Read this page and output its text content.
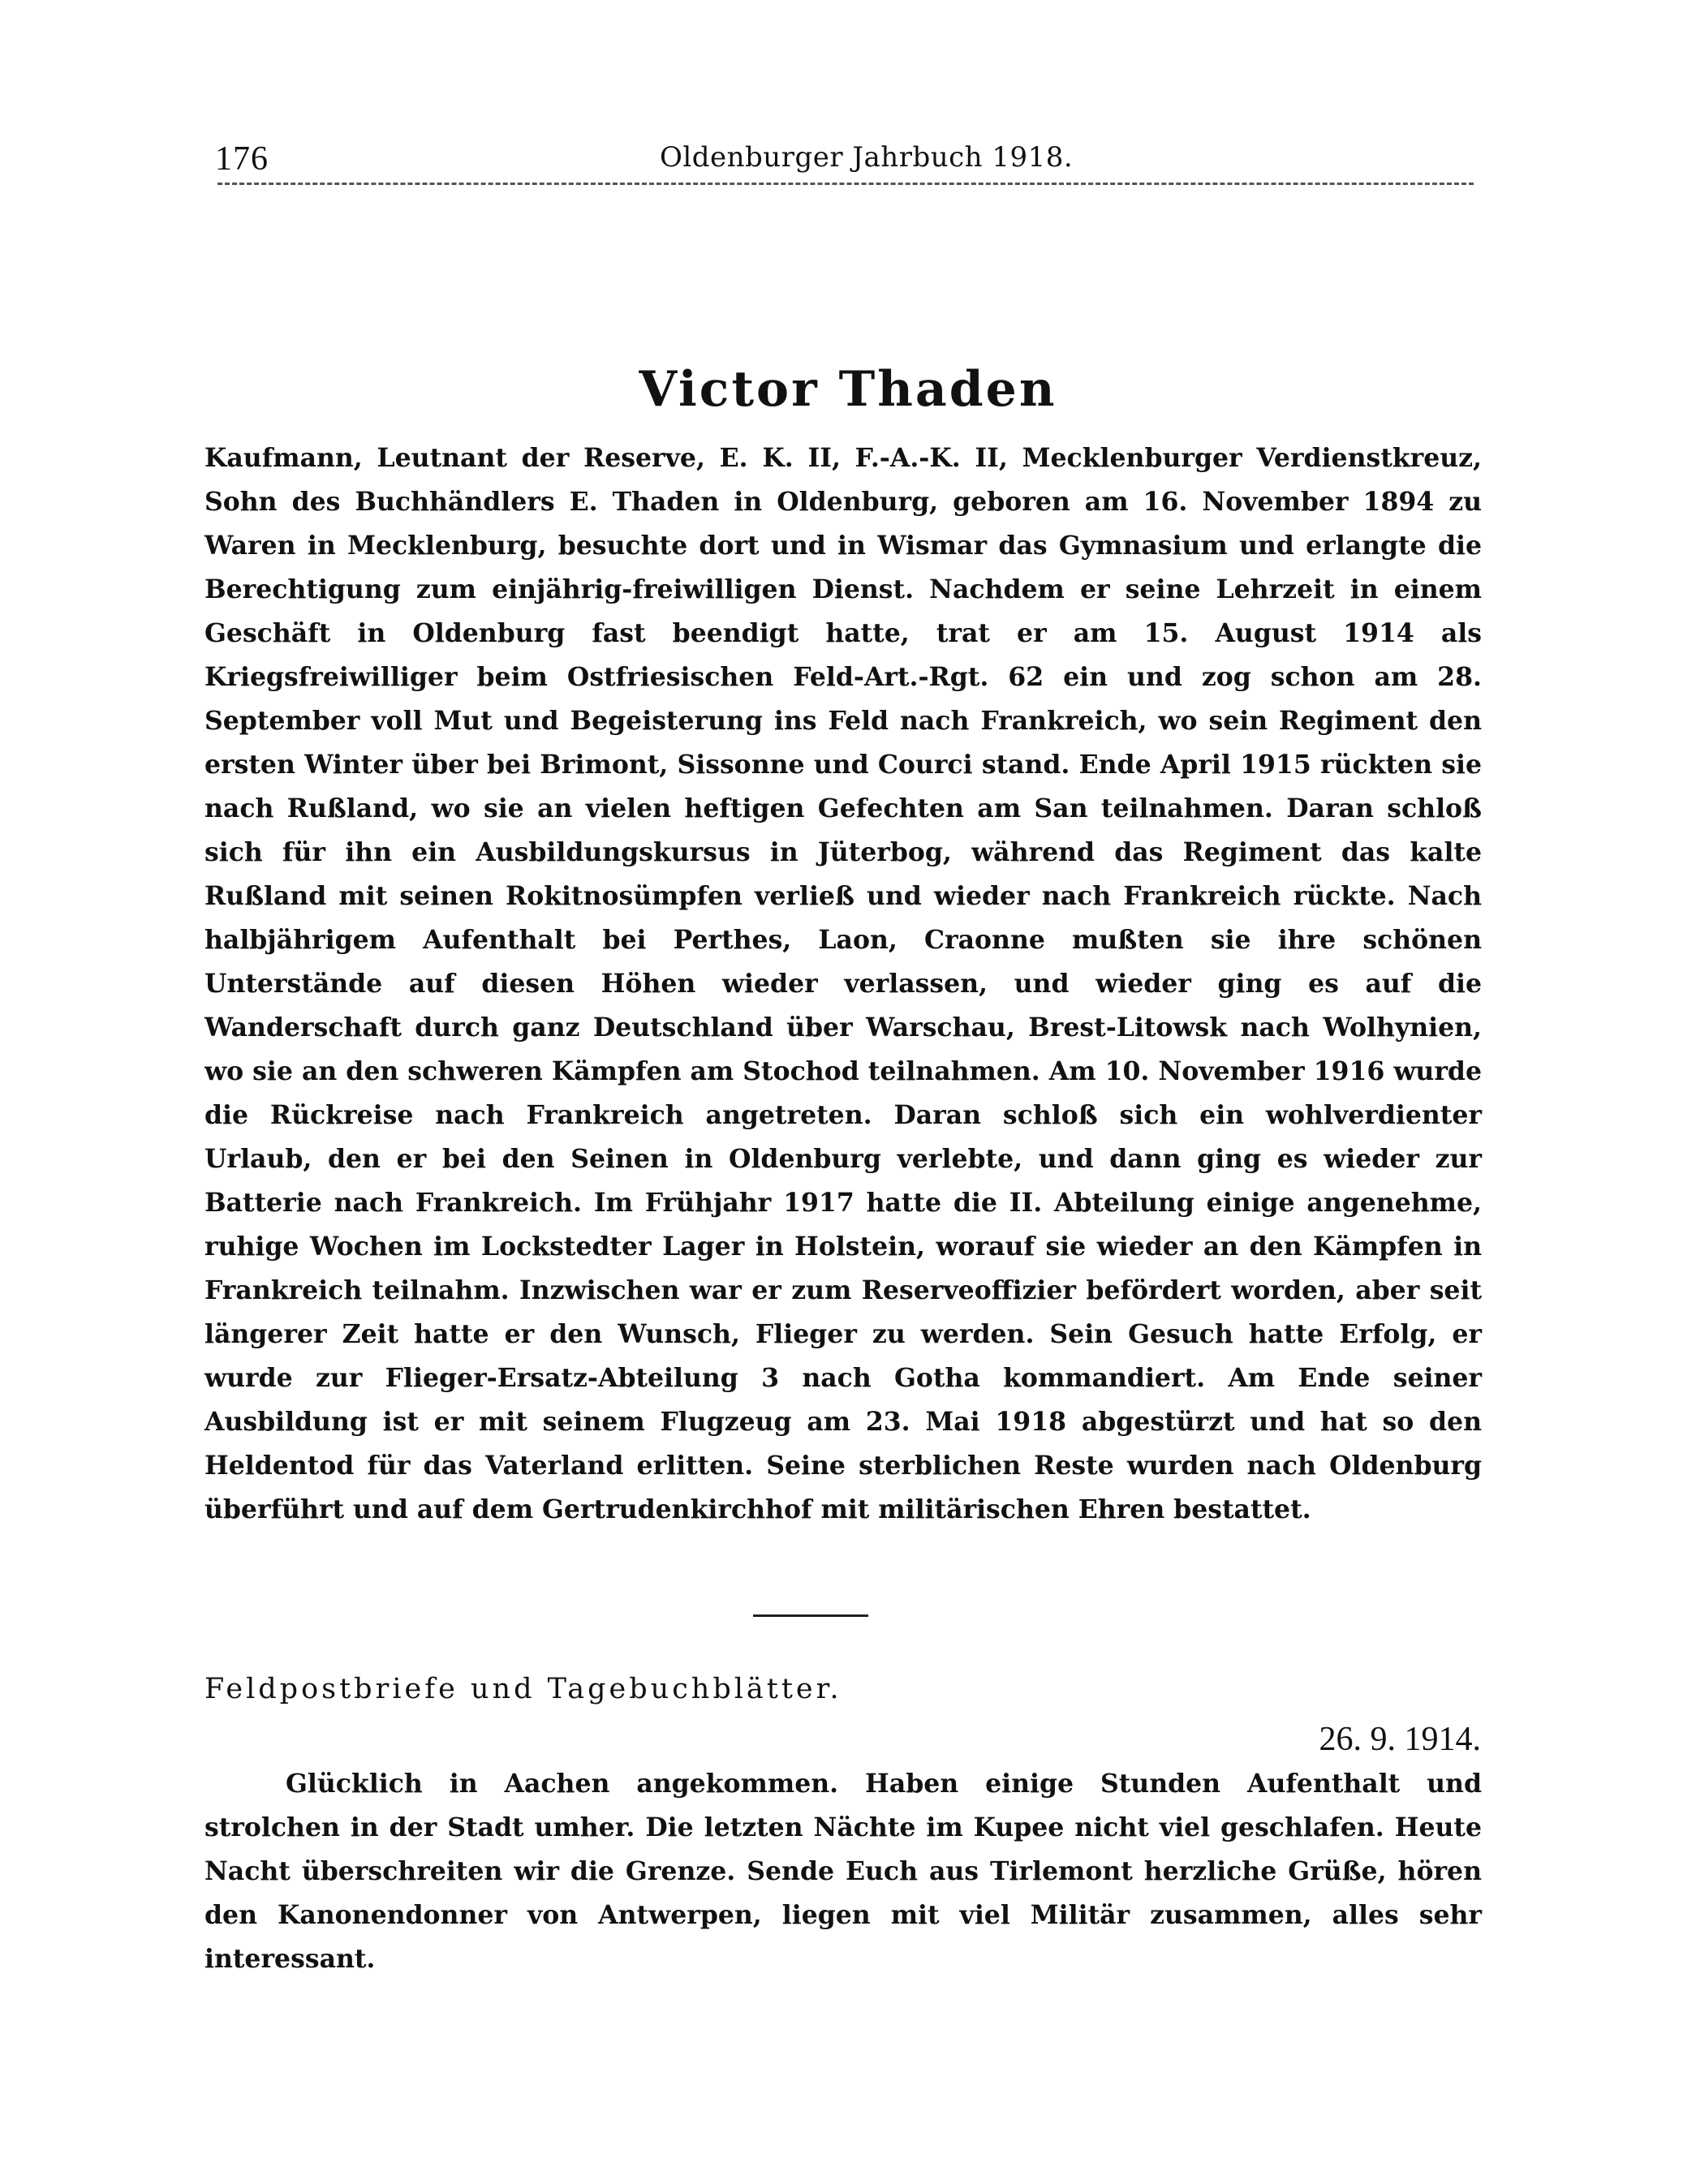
176	Oldenburger Jahrbuch 1918.
Victor Thaden

Kaufmann, Leutnant der Reserve, E. K. II, F.-A.-K. II, Mecklenburger Verdienstkreuz, Sohn des Buchhändlers E. Thaden in Oldenburg, geboren am 16. November 1894 zu Waren in Mecklenburg, besuchte dort und in Wismar das Gymnasium und erlangte die Berechtigung zum einjährig-freiwilligen Dienst. Nachdem er seine Lehrzeit in einem Geschäft in Oldenburg fast beendigt hatte, trat er am 15. August 1914 als Kriegsfreiwilliger beim Ostfriesischen Feld-Art.-Rgt. 62 ein und zog schon am 28. September voll Mut und Begeisterung ins Feld nach Frankreich, wo sein Regiment den ersten Winter über bei Brimont, Sissonne und Courci stand. Ende April 1915 rückten sie nach Rußland, wo sie an vielen heftigen Gefechten am San teilnahmen. Daran schloß sich für ihn ein Ausbildungskursus in Jüterbog, während das Regiment das kalte Rußland mit seinen Rokitnosümpfen verließ und wieder nach Frankreich rückte. Nach halbjährigem Aufenthalt bei Perthes, Laon, Craonne mußten sie ihre schönen Unterstände auf diesen Höhen wieder verlassen, und wieder ging es auf die Wanderschaft durch ganz Deutschland über Warschau, Brest-Litowsk nach Wolhynien, wo sie an den schweren Kämpfen am Stochod teilnahmen. Am 10. November 1916 wurde die Rückreise nach Frankreich angetreten. Daran schloß sich ein wohlverdienter Urlaub, den er bei den Seinen in Oldenburg verlebte, und dann ging es wieder zur Batterie nach Frankreich. Im Frühjahr 1917 hatte die II. Abteilung einige angenehme, ruhige Wochen im Lockstedter Lager in Holstein, worauf sie wieder an den Kämpfen in Frankreich teilnahm. Inzwischen war er zum Reserveoffizier befördert worden, aber seit längerer Zeit hatte er den Wunsch, Flieger zu werden. Sein Gesuch hatte Erfolg, er wurde zur Flieger-Ersatz-Abteilung 3 nach Gotha kommandiert. Am Ende seiner Ausbildung ist er mit seinem Flugzeug am 23. Mai 1918 abgestürzt und hat so den Heldentod für das Vaterland erlitten. Seine sterblichen Reste wurden nach Oldenburg überführt und auf dem Gertrudenkirchhof mit militärischen Ehren bestattet.

Feldpostbriefe und Tagebuchblätter.
26. 9. 1914.

Glücklich in Aachen angekommen. Haben einige Stunden Aufenthalt und strolchen in der Stadt umher. Die letzten Nächte im Kupee nicht viel geschlafen. Heute Nacht überschreiten wir die Grenze. Sende Euch aus Tirlemont herzliche Grüße, hören den Kanonendonner von Antwerpen, liegen mit viel Militär zusammen, alles sehr interessant.
